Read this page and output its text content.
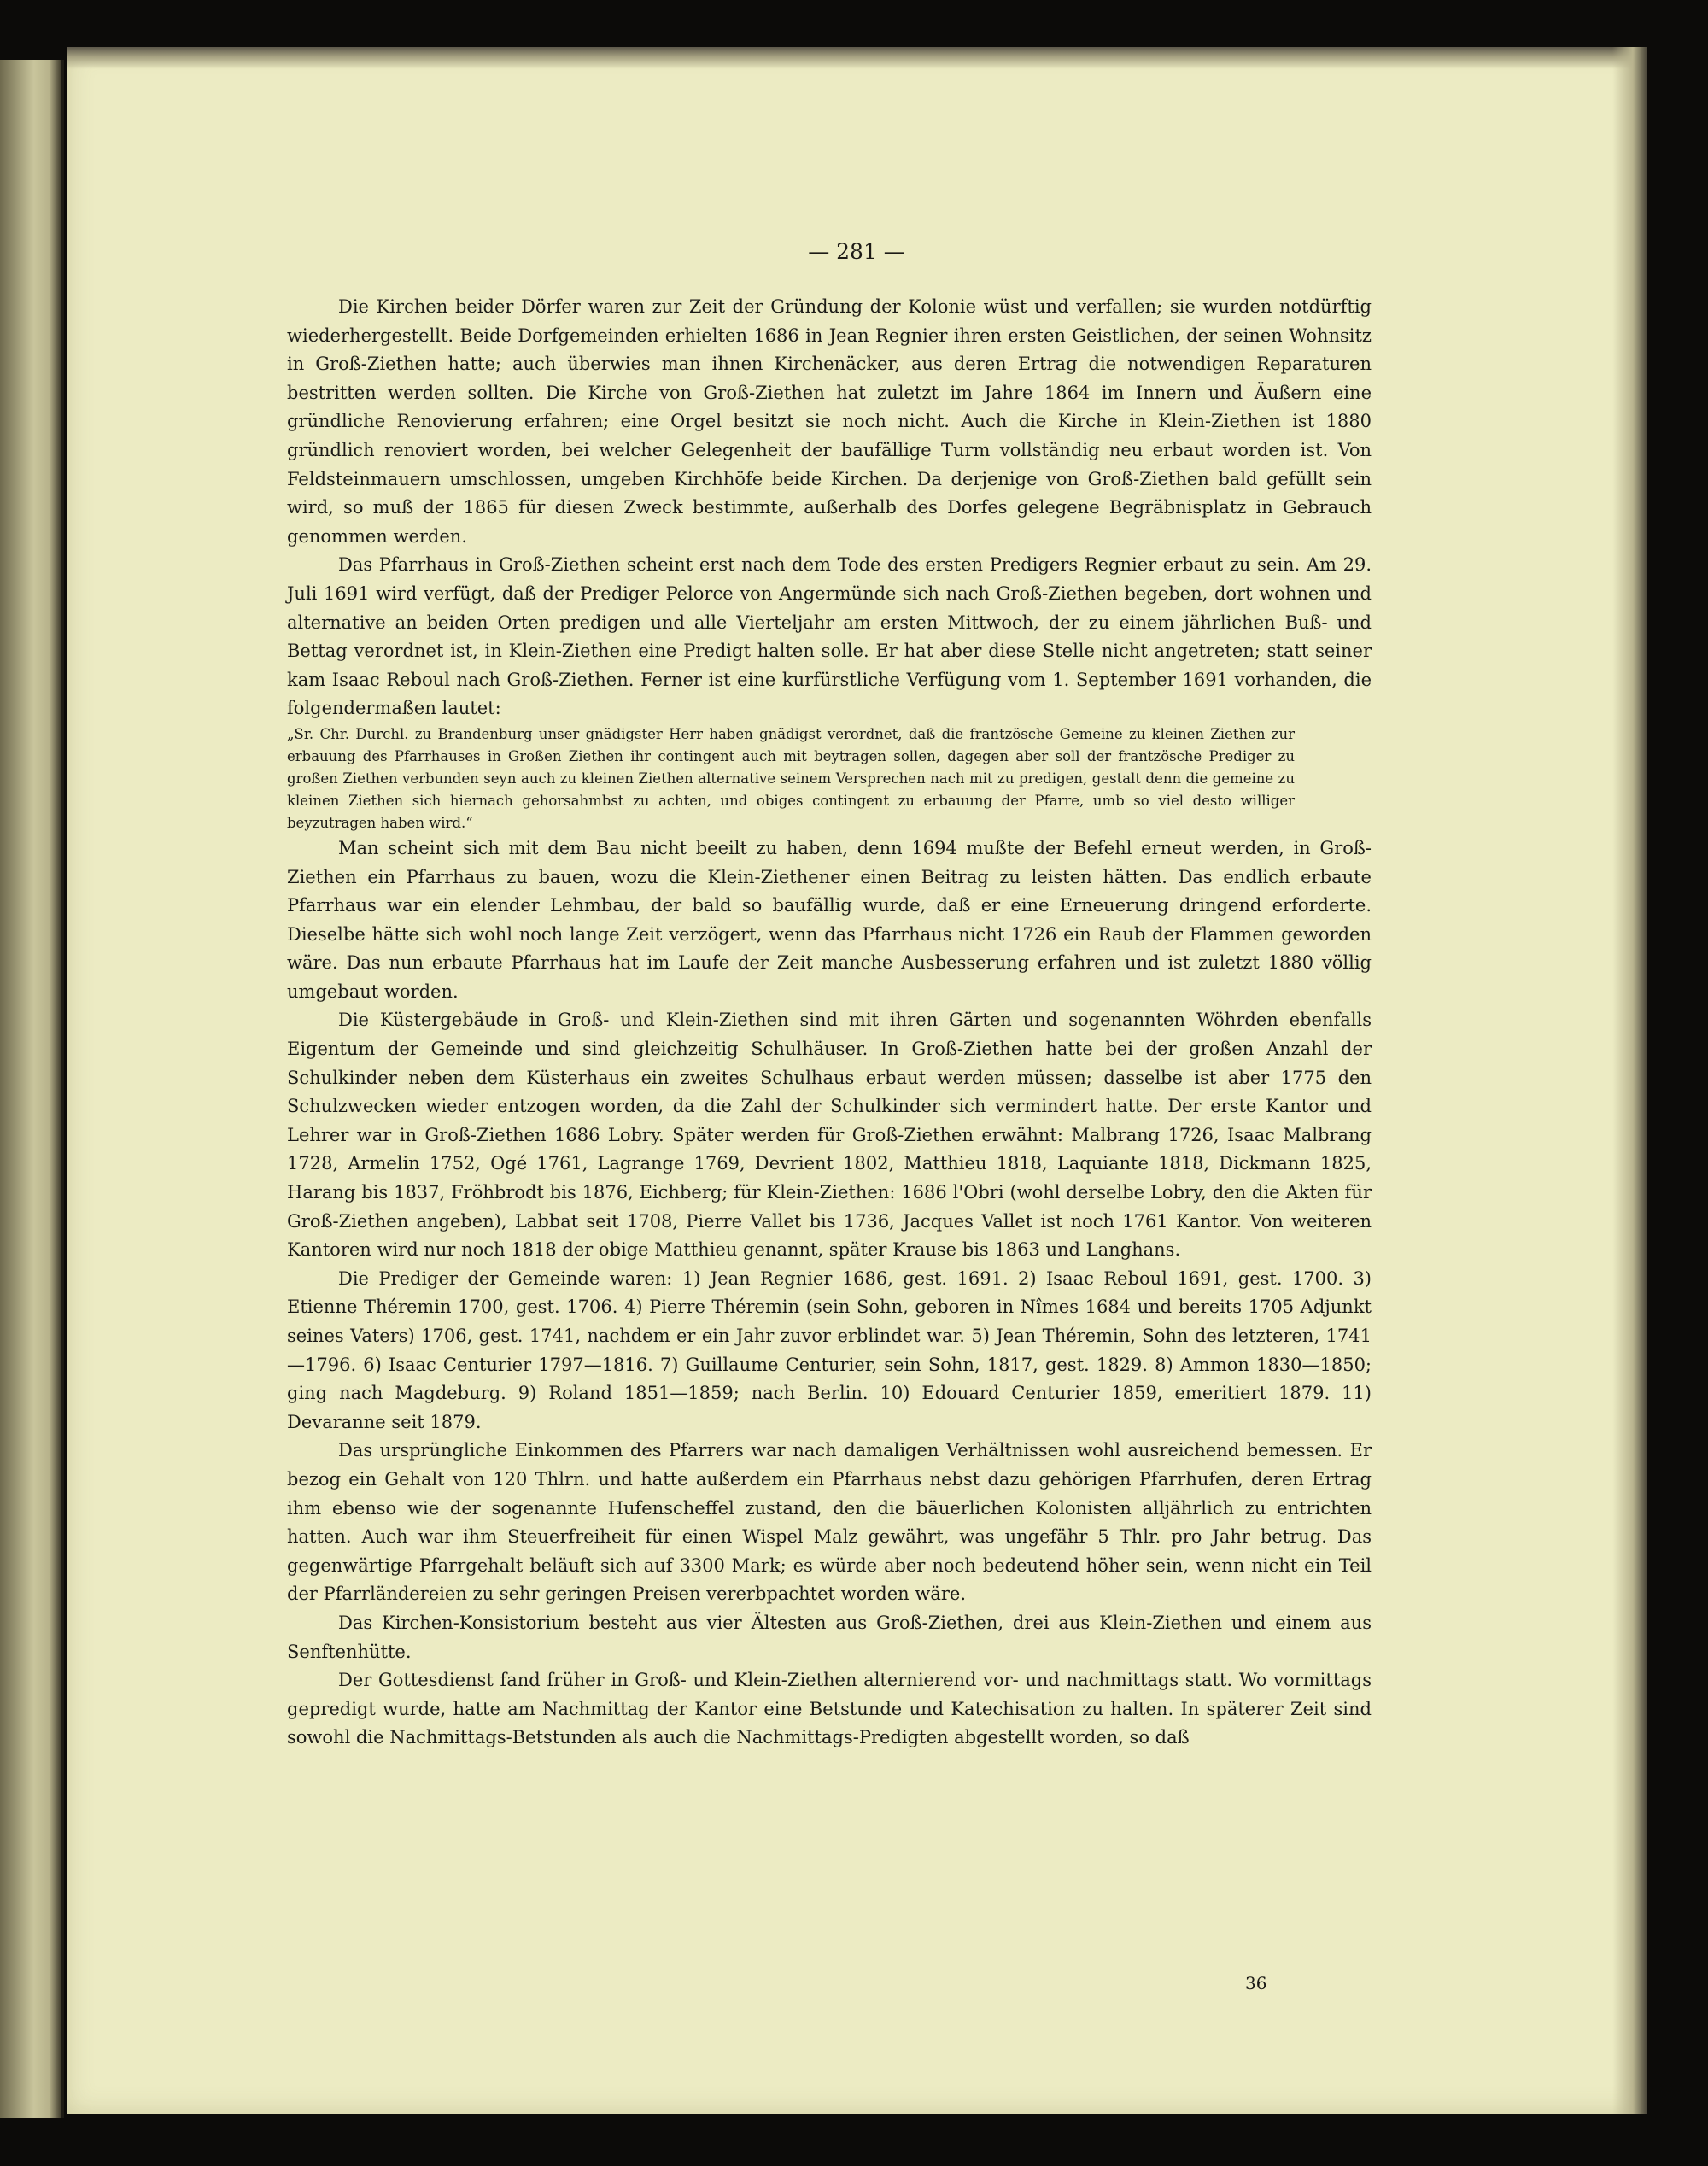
— 281 —

Die Kirchen beider Dörfer waren zur Zeit der Gründung der Kolonie wüst und verfallen; sie wurden notdürftig wiederhergestellt. Beide Dorfgemeinden erhielten 1686 in Jean Regnier ihren ersten Geistlichen, der seinen Wohnsitz in Groß-Ziethen hatte; auch überwies man ihnen Kirchenäcker, aus deren Ertrag die notwendigen Reparaturen bestritten werden sollten. Die Kirche von Groß-Ziethen hat zuletzt im Jahre 1864 im Innern und Äußern eine gründliche Renovierung erfahren; eine Orgel besitzt sie noch nicht. Auch die Kirche in Klein-Ziethen ist 1880 gründlich renoviert worden, bei welcher Gelegenheit der baufällige Turm vollständig neu erbaut worden ist. Von Feldsteinmauern umschlossen, umgeben Kirchhöfe beide Kirchen. Da derjenige von Groß-Ziethen bald gefüllt sein wird, so muß der 1865 für diesen Zweck bestimmte, außerhalb des Dorfes gelegene Begräbnisplatz in Gebrauch genommen werden.

Das Pfarrhaus in Groß-Ziethen scheint erst nach dem Tode des ersten Predigers Regnier erbaut zu sein. Am 29. Juli 1691 wird verfügt, daß der Prediger Pelorce von Angermünde sich nach Groß-Ziethen begeben, dort wohnen und alternative an beiden Orten predigen und alle Vierteljahr am ersten Mittwoch, der zu einem jährlichen Buß- und Bettag verordnet ist, in Klein-Ziethen eine Predigt halten solle. Er hat aber diese Stelle nicht angetreten; statt seiner kam Isaac Reboul nach Groß-Ziethen. Ferner ist eine kurfürstliche Verfügung vom 1. September 1691 vorhanden, die folgendermaßen lautet:

„Sr. Chr. Durchl. zu Brandenburg unser gnädigster Herr haben gnädigst verordnet, daß die frantzösche Gemeine zu kleinen Ziethen zur erbauung des Pfarrhauses in Großen Ziethen ihr contingent auch mit beytragen sollen, dagegen aber soll der frantzösche Prediger zu großen Ziethen verbunden seyn auch zu kleinen Ziethen alternative seinem Versprechen nach mit zu predigen, gestalt denn die gemeine zu kleinen Ziethen sich hiernach gehorsahmbst zu achten, und obiges contingent zu erbauung der Pfarre, umb so viel desto williger beyzutragen haben wird.“

Man scheint sich mit dem Bau nicht beeilt zu haben, denn 1694 mußte der Befehl erneut werden, in Groß-Ziethen ein Pfarrhaus zu bauen, wozu die Klein-Ziethener einen Beitrag zu leisten hätten. Das endlich erbaute Pfarrhaus war ein elender Lehmbau, der bald so baufällig wurde, daß er eine Erneuerung dringend erforderte. Dieselbe hätte sich wohl noch lange Zeit verzögert, wenn das Pfarrhaus nicht 1726 ein Raub der Flammen geworden wäre. Das nun erbaute Pfarrhaus hat im Laufe der Zeit manche Ausbesserung erfahren und ist zuletzt 1880 völlig umgebaut worden.

Die Küstergebäude in Groß- und Klein-Ziethen sind mit ihren Gärten und sogenannten Wöhrden ebenfalls Eigentum der Gemeinde und sind gleichzeitig Schulhäuser. In Groß-Ziethen hatte bei der großen Anzahl der Schulkinder neben dem Küsterhaus ein zweites Schulhaus erbaut werden müssen; dasselbe ist aber 1775 den Schulzwecken wieder entzogen worden, da die Zahl der Schulkinder sich vermindert hatte. Der erste Kantor und Lehrer war in Groß-Ziethen 1686 Lobry. Später werden für Groß-Ziethen erwähnt: Malbrang 1726, Isaac Malbrang 1728, Armelin 1752, Ogé 1761, Lagrange 1769, Devrient 1802, Matthieu 1818, Laquiante 1818, Dickmann 1825, Harang bis 1837, Fröhbrodt bis 1876, Eichberg; für Klein-Ziethen: 1686 l'Obri (wohl derselbe Lobry, den die Akten für Groß-Ziethen angeben), Labbat seit 1708, Pierre Vallet bis 1736, Jacques Vallet ist noch 1761 Kantor. Von weiteren Kantoren wird nur noch 1818 der obige Matthieu genannt, später Krause bis 1863 und Langhans.

Die Prediger der Gemeinde waren: 1) Jean Regnier 1686, gest. 1691. 2) Isaac Reboul 1691, gest. 1700. 3) Etienne Théremin 1700, gest. 1706. 4) Pierre Théremin (sein Sohn, geboren in Nîmes 1684 und bereits 1705 Adjunkt seines Vaters) 1706, gest. 1741, nachdem er ein Jahr zuvor erblindet war. 5) Jean Théremin, Sohn des letzteren, 1741—1796. 6) Isaac Centurier 1797—1816. 7) Guillaume Centurier, sein Sohn, 1817, gest. 1829. 8) Ammon 1830—1850; ging nach Magdeburg. 9) Roland 1851—1859; nach Berlin. 10) Edouard Centurier 1859, emeritiert 1879. 11) Devaranne seit 1879.

Das ursprüngliche Einkommen des Pfarrers war nach damaligen Verhältnissen wohl ausreichend bemessen. Er bezog ein Gehalt von 120 Thlrn. und hatte außerdem ein Pfarrhaus nebst dazu gehörigen Pfarrhufen, deren Ertrag ihm ebenso wie der sogenannte Hufenscheffel zustand, den die bäuerlichen Kolonisten alljährlich zu entrichten hatten. Auch war ihm Steuerfreiheit für einen Wispel Malz gewährt, was ungefähr 5 Thlr. pro Jahr betrug. Das gegenwärtige Pfarrgehalt beläuft sich auf 3300 Mark; es würde aber noch bedeutend höher sein, wenn nicht ein Teil der Pfarrländereien zu sehr geringen Preisen vererbpachtet worden wäre.

Das Kirchen-Konsistorium besteht aus vier Ältesten aus Groß-Ziethen, drei aus Klein-Ziethen und einem aus Senftenhütte.

Der Gottesdienst fand früher in Groß- und Klein-Ziethen alternierend vor- und nachmittags statt. Wo vormittags gepredigt wurde, hatte am Nachmittag der Kantor eine Betstunde und Katechisation zu halten. In späterer Zeit sind sowohl die Nachmittags-Betstunden als auch die Nachmittags-Predigten abgestellt worden, so daß

36
